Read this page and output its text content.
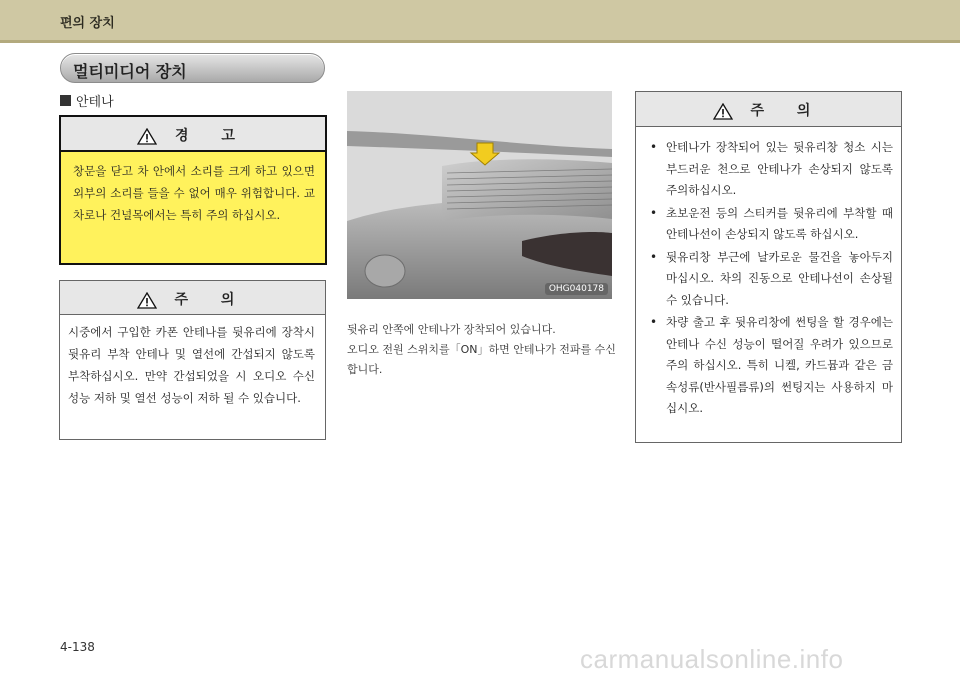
편의 장치
멀티미디어 장치
안테나
경 고
창문을 닫고 차 안에서 소리를 크게 하고 있으면 외부의 소리를 들을 수 없어 매우 위험합니다. 교차로나 건널목에서는 특히 주의 하십시오.
주 의
시중에서 구입한 카폰 안테나를 뒷유리에 장착시 뒷유리 부착 안테나 및 열선에 간섭되지 않도록 부착하십시오. 만약 간섭되었을 시 오디오 수신 성능 저하 및 열선 성능이 저하 될 수 있습니다.
OHG040178
뒷유리 안쪽에 안테나가 장착되어 있습니다.
오디오 전원 스위치를「ON」하면 안테나가 전파를 수신합니다.
주 의
• 안테나가 장착되어 있는 뒷유리창 청소 시는 부드러운 천으로 안테나가 손상되지 않도록 주의하십시오.
• 초보운전 등의 스티커를 뒷유리에 부착할 때 안테나선이 손상되지 않도록 하십시오.
• 뒷유리창 부근에 날카로운 물건을 놓아두지 마십시오. 차의 진동으로 안테나선이 손상될 수 있습니다.
• 차량 출고 후 뒷유리창에 썬팅을 할 경우에는 안테나 수신 성능이 떨어질 우려가 있으므로 주의 하십시오. 특히 니켈, 카드뮴과 같은 금속성류(반사필름류)의 썬팅지는 사용하지 마십시오.
4-138	carmanualsonline.info
